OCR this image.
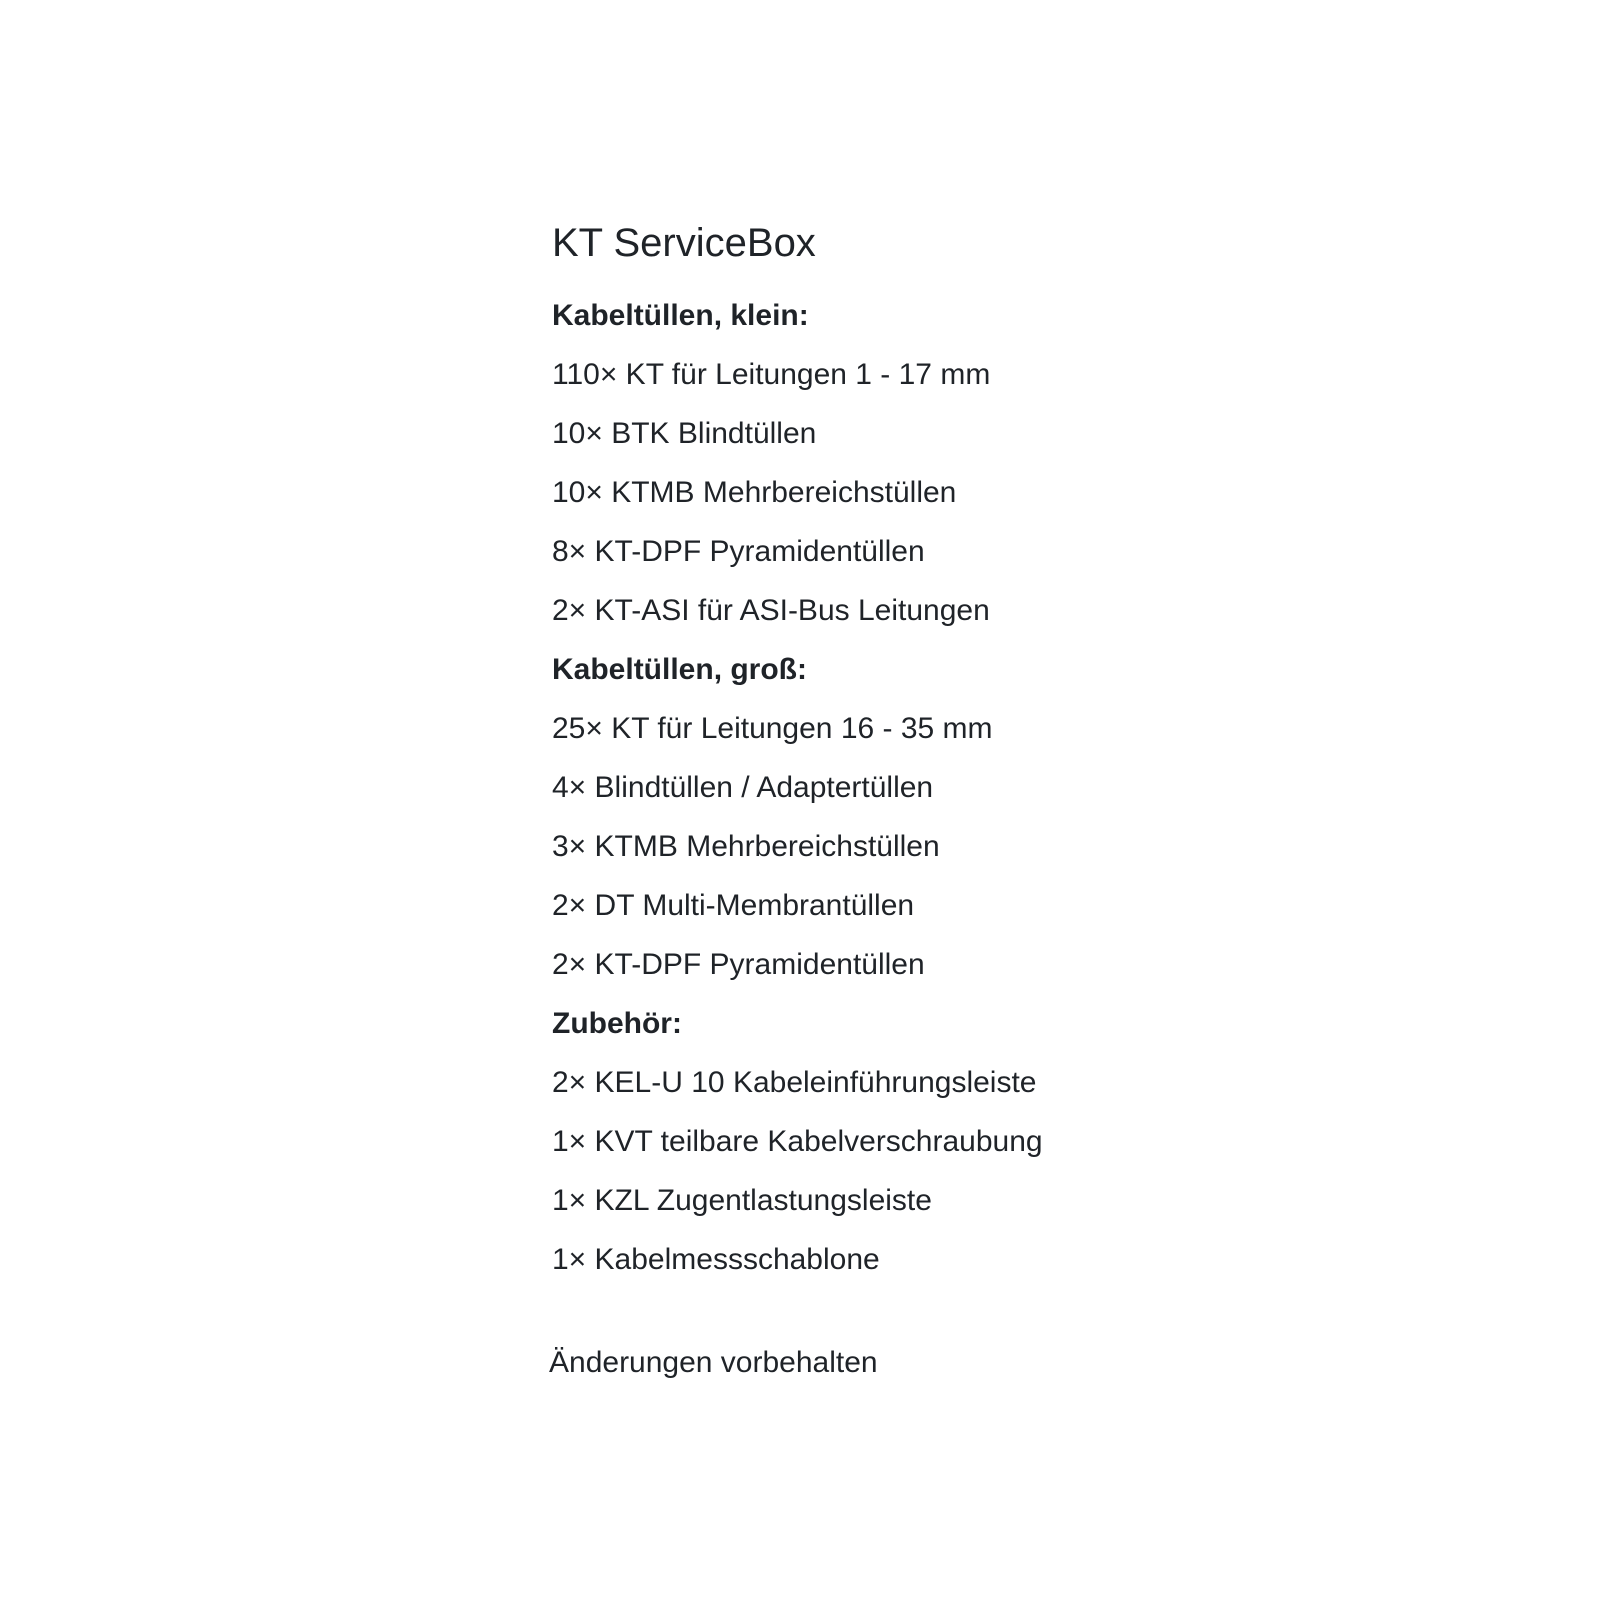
KT ServiceBox

Kabeltüllen, klein:

110× KT für Leitungen 1 - 17 mm
10× BTK Blindtüllen
10× KTMB Mehrbereichstüllen
8× KT-DPF Pyramidentüllen
2× KT-ASI für ASI-Bus Leitungen

Kabeltüllen, groß:

25× KT für Leitungen 16 - 35 mm
4× Blindtüllen / Adaptertüllen
3× KTMB Mehrbereichstüllen
2× DT Multi-Membrantüllen
2× KT-DPF Pyramidentüllen

Zubehör:

2× KEL-U 10 Kabeleinführungsleiste
1× KVT teilbare Kabelverschraubung
1× KZL Zugentlastungsleiste
1× Kabelmessschablone

Änderungen vorbehalten
